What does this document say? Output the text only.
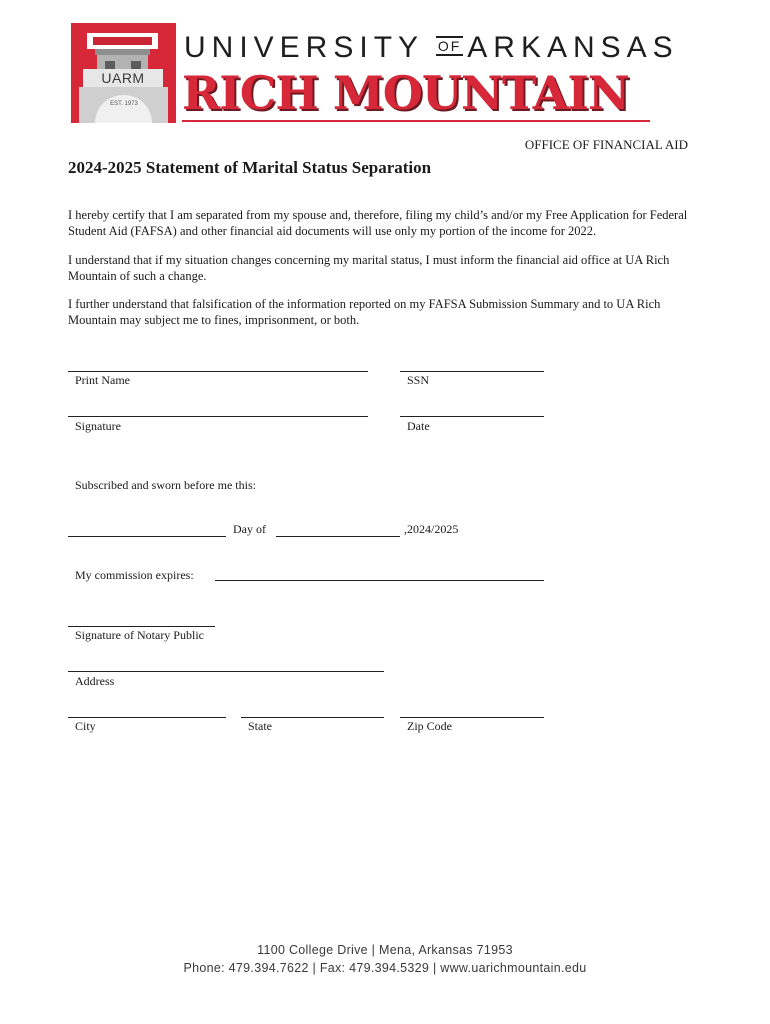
EST. 1973
UARM
UNIVERSITY OF ARKANSAS
RICH MOUNTAIN
OFFICE OF FINANCIAL AID
2024-2025 Statement of Marital Status Separation

I hereby certify that I am separated from my spouse and, therefore, filing my child’s and/or my Free Application for Federal Student Aid (FAFSA) and other financial aid documents will use only my portion of the income for 2022.

I understand that if my situation changes concerning my marital status, I must inform the financial aid office at UA Rich Mountain of such a change.

I further understand that falsification of the information reported on my FAFSA Submission Summary and to UA Rich Mountain may subject me to fines, imprisonment, or both.

Print Name	SSN
Signature	Date
Subscribed and sworn before me this:
Day of	,2024/2025
My commission expires:
Signature of Notary Public
Address
City	State	Zip Code
1100 College Drive | Mena, Arkansas 71953
Phone: 479.394.7622 | Fax: 479.394.5329 | www.uarichmountain.edu
